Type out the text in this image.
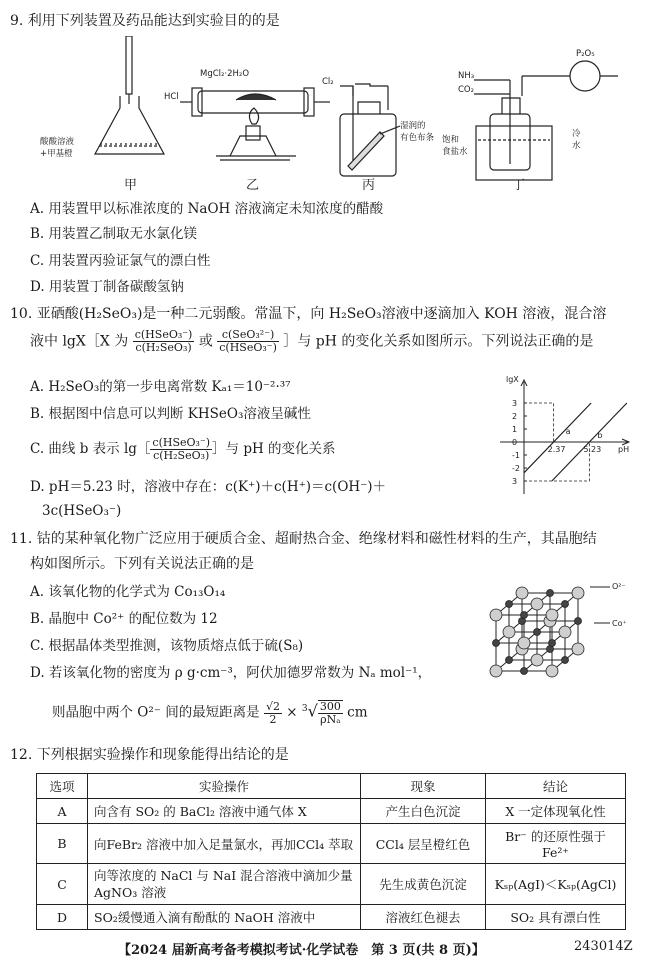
9. 利用下列装置及药品能达到实验目的的是
酸酸溶液
+甲基橙
HCl
MgCl₂·2H₂O
Cl₂
湿润的
有色布条
NH₃
CO₂
P₂O₅
饱和
食盐水
冷
水
甲	乙	丙	丁
A. 用装置甲以标准浓度的 NaOH 溶液滴定未知浓度的醋酸
B. 用装置乙制取无水氯化镁
C. 用装置丙验证氯气的漂白性
D. 用装置丁制备碳酸氢钠
10. 亚硒酸(H₂SeO₃)是一种二元弱酸。常温下，向 H₂SeO₃溶液中逐滴加入 KOH 溶液，混合溶
液中 lgX［X 为 $\frac{\text{c(HSeO₃⁻)}}{\text{c(H₂SeO₃)}}$ 或 $\frac{\text{c(SeO₃²⁻)}}{\text{c(HSeO₃⁻)}}$ ］与 pH 的变化关系如图所示。下列说法正确的是
A. H₂SeO₃的第一步电离常数 Kₐ₁＝10⁻²·³⁷
B. 根据图中信息可以判断 KHSeO₃溶液呈碱性
C. 曲线 b 表示 lg［ $\frac{\text{c(HSeO₃⁻)}}{\text{c(H₂SeO₃)}}$ ］与 pH 的变化关系
D. pH＝5.23 时，溶液中存在：c(K⁺)＋c(H⁺)＝c(OH⁻)＋
3c(HSeO₃⁻)
3
2
1
0
-1
-2
3
2.37 5.23
lgX
pH
a	b
11. 钴的某种氧化物广泛应用于硬质合金、超耐热合金、绝缘材料和磁性材料的生产，其晶胞结
构如图所示。下列有关说法正确的是
A. 该氧化物的化学式为 Co₁₃O₁₄
B. 晶胞中 Co²⁺ 的配位数为 12
C. 根据晶体类型推测，该物质熔点低于硫(S₈)
D. 若该氧化物的密度为 ρ g·cm⁻³，阿伏加德罗常数为 Nₐ mol⁻¹，
则晶胞中两个 O²⁻ 间的最短距离是 $\frac{√2}{2} \times ^3√ \frac{300}{\text{ρNₐ}}$ cm
O²⁻
Co⁺
12. 下列根据实验操作和现象能得出结论的是
选项	实验操作	现象	结论
A	向含有 SO₂ 的 BaCl₂ 溶液中通气体 X	产生白色沉淀	X 一定体现氧化性
B	向FeBr₂ 溶液中加入足量氯水，再加CCl₄ 萃取	CCl₄ 层呈橙红色	Br⁻ 的还原性强于 Fe²⁺
C	向等浓度的 NaCl 与 NaI 混合溶液中滴加少量 AgNO₃ 溶液	先生成黄色沉淀	Kₛₚ(AgI)＜Kₛₚ(AgCl)
D	SO₂缓慢通入滴有酚酞的 NaOH 溶液中	溶液红色褪去	SO₂ 具有漂白性
【2024 届新高考备考模拟考试·化学试卷　第 3 页(共 8 页)】	243014Z
